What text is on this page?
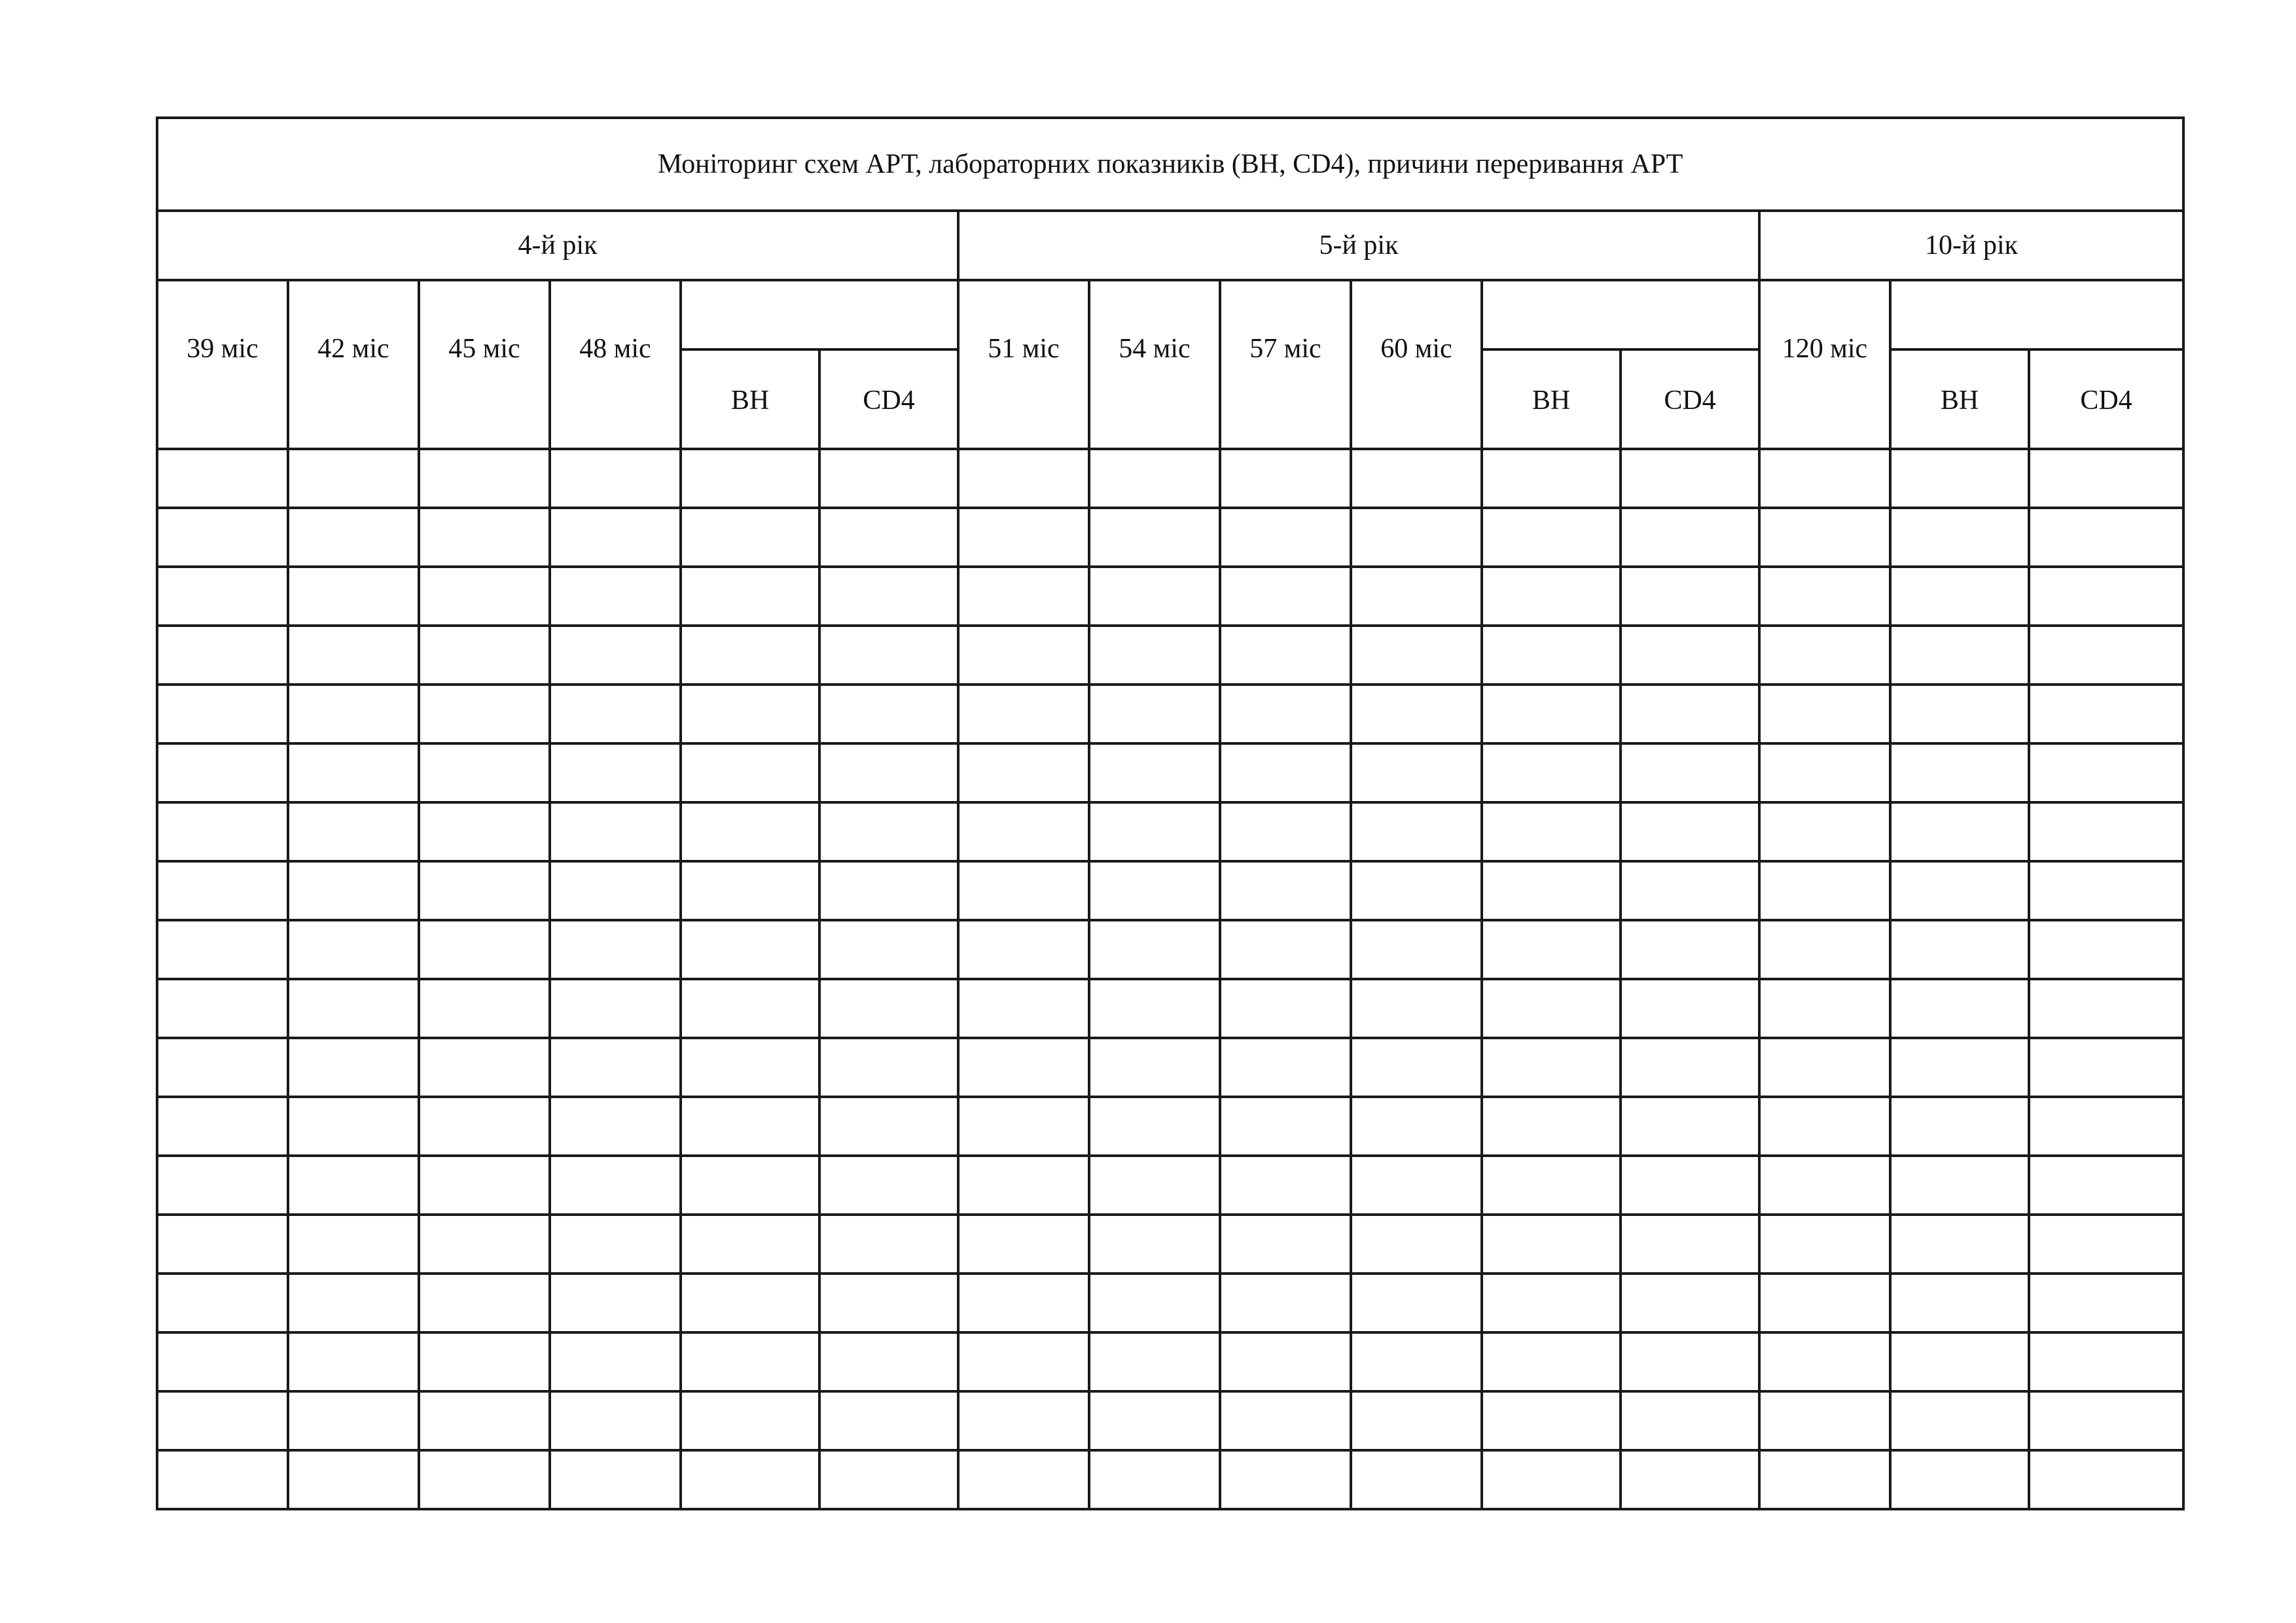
Моніторинг схем АРТ, лабораторних показників (ВН, CD4), причини переривання АРТ														
4-й рік						5-й рік						10-й рік		
39 міс	42 міс	45 міс	48 міс			51 міс	54 міс	57 міс	60 міс			120 міс		
				ВН	CD4					ВН	CD4		ВН	CD4
